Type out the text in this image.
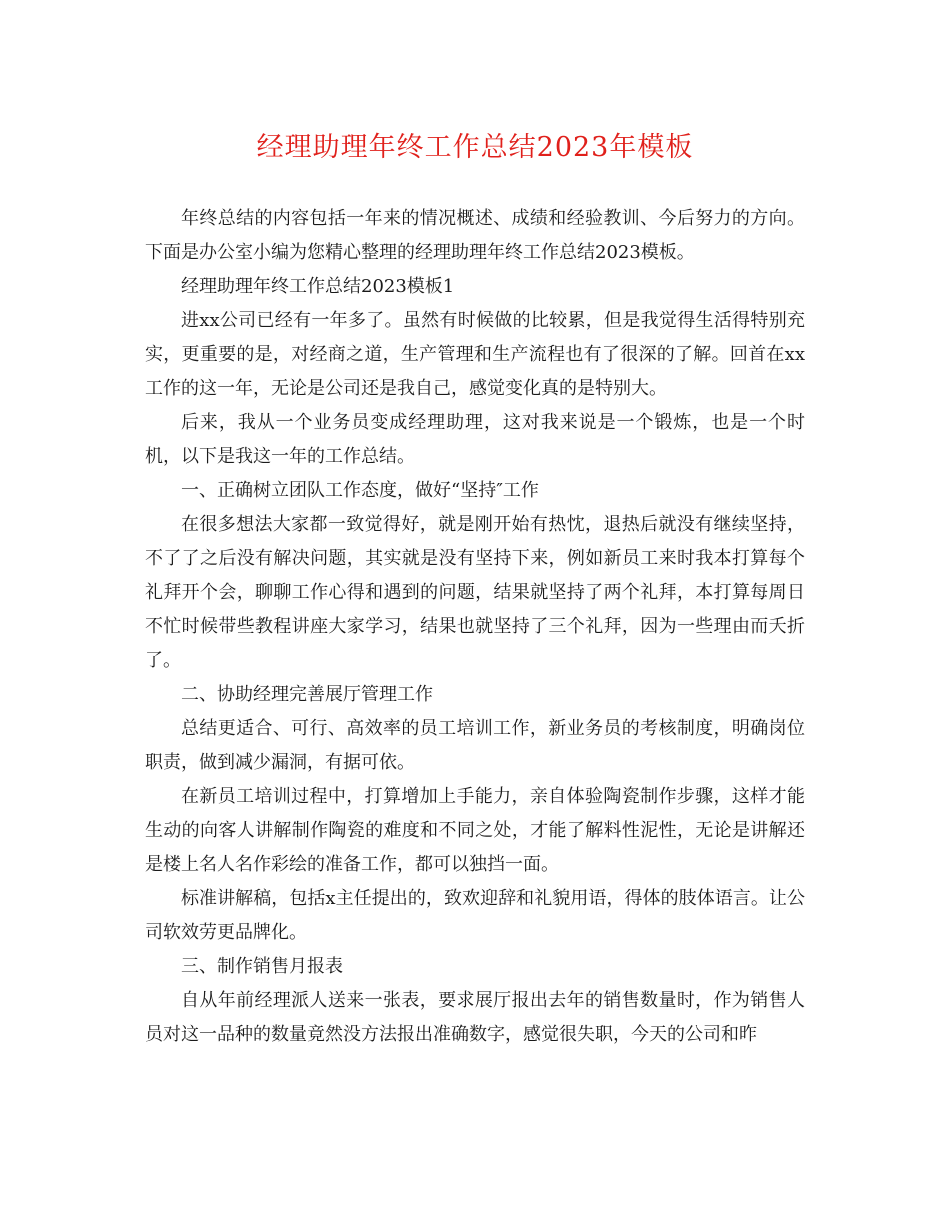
经理助理年终工作总结2023年模板

年终总结的内容包括一年来的情况概述、成绩和经验教训、今后努力的方向。下面是办公室小编为您精心整理的经理助理年终工作总结2023模板。

经理助理年终工作总结2023模板1

进xx公司已经有一年多了。虽然有时候做的比较累，但是我觉得生活得特别充实，更重要的是，对经商之道，生产管理和生产流程也有了很深的了解。回首在xx工作的这一年，无论是公司还是我自己，感觉变化真的是特别大。

后来，我从一个业务员变成经理助理，这对我来说是一个锻炼，也是一个时机，以下是我这一年的工作总结。

一、正确树立团队工作态度，做好“坚持″工作

在很多想法大家都一致觉得好，就是刚开始有热忱，退热后就没有继续坚持，不了了之后没有解决问题，其实就是没有坚持下来，例如新员工来时我本打算每个礼拜开个会，聊聊工作心得和遇到的问题，结果就坚持了两个礼拜，本打算每周日不忙时候带些教程讲座大家学习，结果也就坚持了三个礼拜，因为一些理由而夭折了。

二、协助经理完善展厅管理工作

总结更适合、可行、高效率的员工培训工作，新业务员的考核制度，明确岗位职责，做到减少漏洞，有据可依。

在新员工培训过程中，打算增加上手能力，亲自体验陶瓷制作步骤，这样才能生动的向客人讲解制作陶瓷的难度和不同之处，才能了解料性泥性，无论是讲解还是楼上名人名作彩绘的准备工作，都可以独挡一面。

标准讲解稿，包括x主任提出的，致欢迎辞和礼貌用语，得体的肢体语言。让公司软效劳更品牌化。

三、制作销售月报表

自从年前经理派人送来一张表，要求展厅报出去年的销售数量时，作为销售人员对这一品种的数量竟然没方法报出准确数字，感觉很失职，今天的公司和昨
